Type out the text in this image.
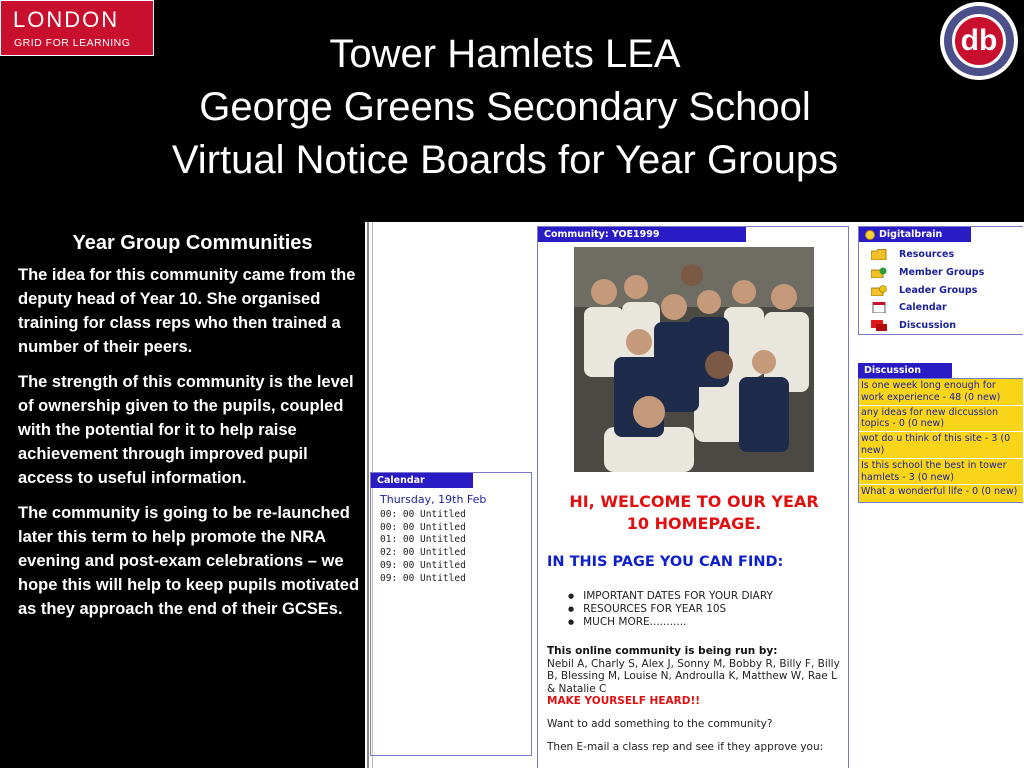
LONDON
GRID FOR LEARNING	db
Tower Hamlets LEA
George Greens Secondary School
Virtual Notice Boards for Year Groups
Year Group Communities

The idea for this community came from the deputy head of Year 10. She organised training for class reps who then trained a number of their peers.

The strength of this community is the level of ownership given to the pupils, coupled with the potential for it to help raise achievement through improved pupil access to useful information.

The community is going to be re-launched later this term to help promote the NRA evening and post-exam celebrations – we hope this will help to keep pupils motivated as they approach the end of their GCSEs.

Calendar
Thursday, 19th Feb
00: 00 Untitled
00: 00 Untitled
01: 00 Untitled
02: 00 Untitled
09: 00 Untitled
09: 00 Untitled
Community: YOE1999
HI, WELCOME TO OUR YEAR
10 HOMEPAGE.
IN THIS PAGE YOU CAN FIND:
● IMPORTANT DATES FOR YOUR DIARY
● RESOURCES FOR YEAR 10S
● MUCH MORE...........
This online community is being run by:
Nebil A, Charly S, Alex J, Sonny M, Bobby R, Billy F, Billy B, Blessing M, Louise N, Androulla K, Matthew W, Rae L & Natalie C
MAKE YOURSELF HEARD!!
Want to add something to the community?
Then E-mail a class rep and see if they approve you:
Digitalbrain
Resources
Member Groups
Leader Groups
Calendar
Discussion
Discussion
Is one week long enough for work experience - 48 (0 new)
any ideas for new diccussion topics - 0 (0 new)
wot do u think of this site - 3 (0 new)
Is this school the best in tower hamlets - 3 (0 new)
What a wonderful life - 0 (0 new)
